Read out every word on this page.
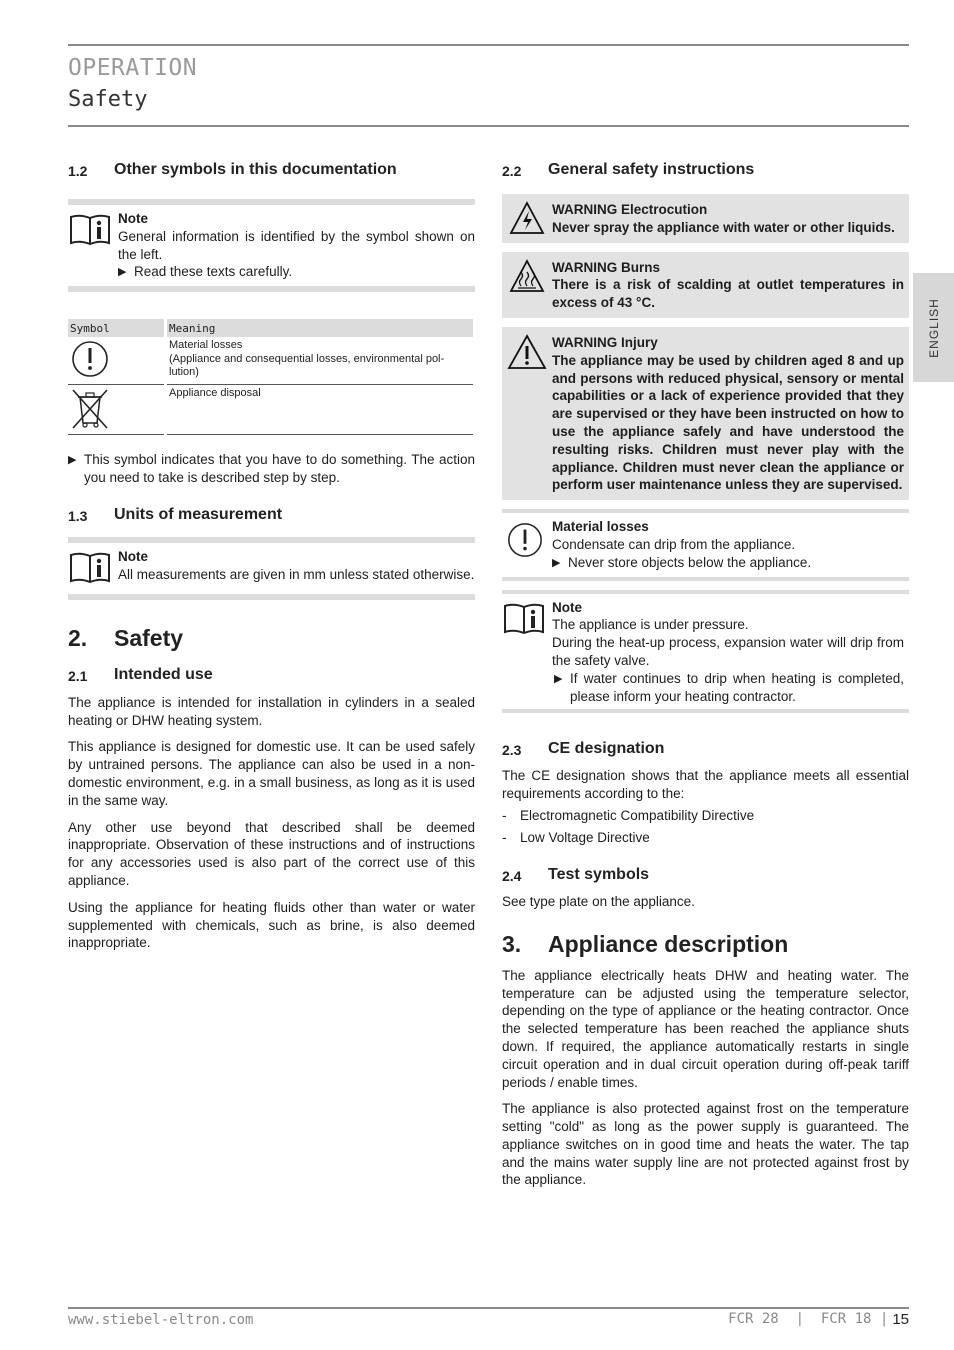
OPERATION
Safety
ENGLISH
1.2	Other symbols in this documentation
Note
General information is identified by the symbol shown on the left.
▶ Read these texts carefully.
Symbol	Meaning
	Material losses
(Appliance and consequential losses, environmental pol-
lution)
	Appliance disposal
▶ This symbol indicates that you have to do something. The action you need to take is described step by step.
1.3	Units of measurement
Note
All measurements are given in mm unless stated otherwise.
2.	Safety
2.1	Intended use

The appliance is intended for installation in cylinders in a sealed heating or DHW heating system.

This appliance is designed for domestic use. It can be used safely by untrained persons. The appliance can also be used in a non-domestic environment, e.g. in a small business, as long as it is used in the same way.

Any other use beyond that described shall be deemed inappropriate. Observation of these instructions and of instructions for any accessories used is also part of the correct use of this appliance.

Using the appliance for heating fluids other than water or water supplemented with chemicals, such as brine, is also deemed inappropriate.

2.2	General safety instructions
WARNING Electrocution
Never spray the appliance with water or other liquids.
WARNING Burns
There is a risk of scalding at outlet temperatures in excess of 43 °C.
WARNING Injury
The appliance may be used by children aged 8 and up and persons with reduced physical, sensory or mental capabilities or a lack of experience provided that they are supervised or they have been instructed on how to use the appliance safely and have understood the resulting risks. Children must never play with the appliance. Children must never clean the appliance or perform user maintenance unless they are supervised.
Material losses
Condensate can drip from the appliance.
▶ Never store objects below the appliance.
Note
The appliance is under pressure.
During the heat-up process, expansion water will drip from the safety valve.
▶ If water continues to drip when heating is completed, please inform your heating contractor.
2.3	CE designation

The CE designation shows that the appliance meets all essential requirements according to the:

-	Electromagnetic Compatibility Directive
-	Low Voltage Directive
2.4	Test symbols

See type plate on the appliance.

3.	Appliance description

The appliance electrically heats DHW and heating water. The temperature can be adjusted using the temperature selector, depending on the type of appliance or the heating contractor. Once the selected temperature has been reached the appliance shuts down. If required, the appliance automatically restarts in single circuit operation and in dual circuit operation during off-peak tariff periods / enable times.

The appliance is also protected against frost on the temperature setting "cold" as long as the power supply is guaranteed. The appliance switches on in good time and heats the water. The tap and the mains water supply line are not protected against frost by the appliance.

www.stiebel-eltron.com	FCR 28  |  FCR 18 | 15
